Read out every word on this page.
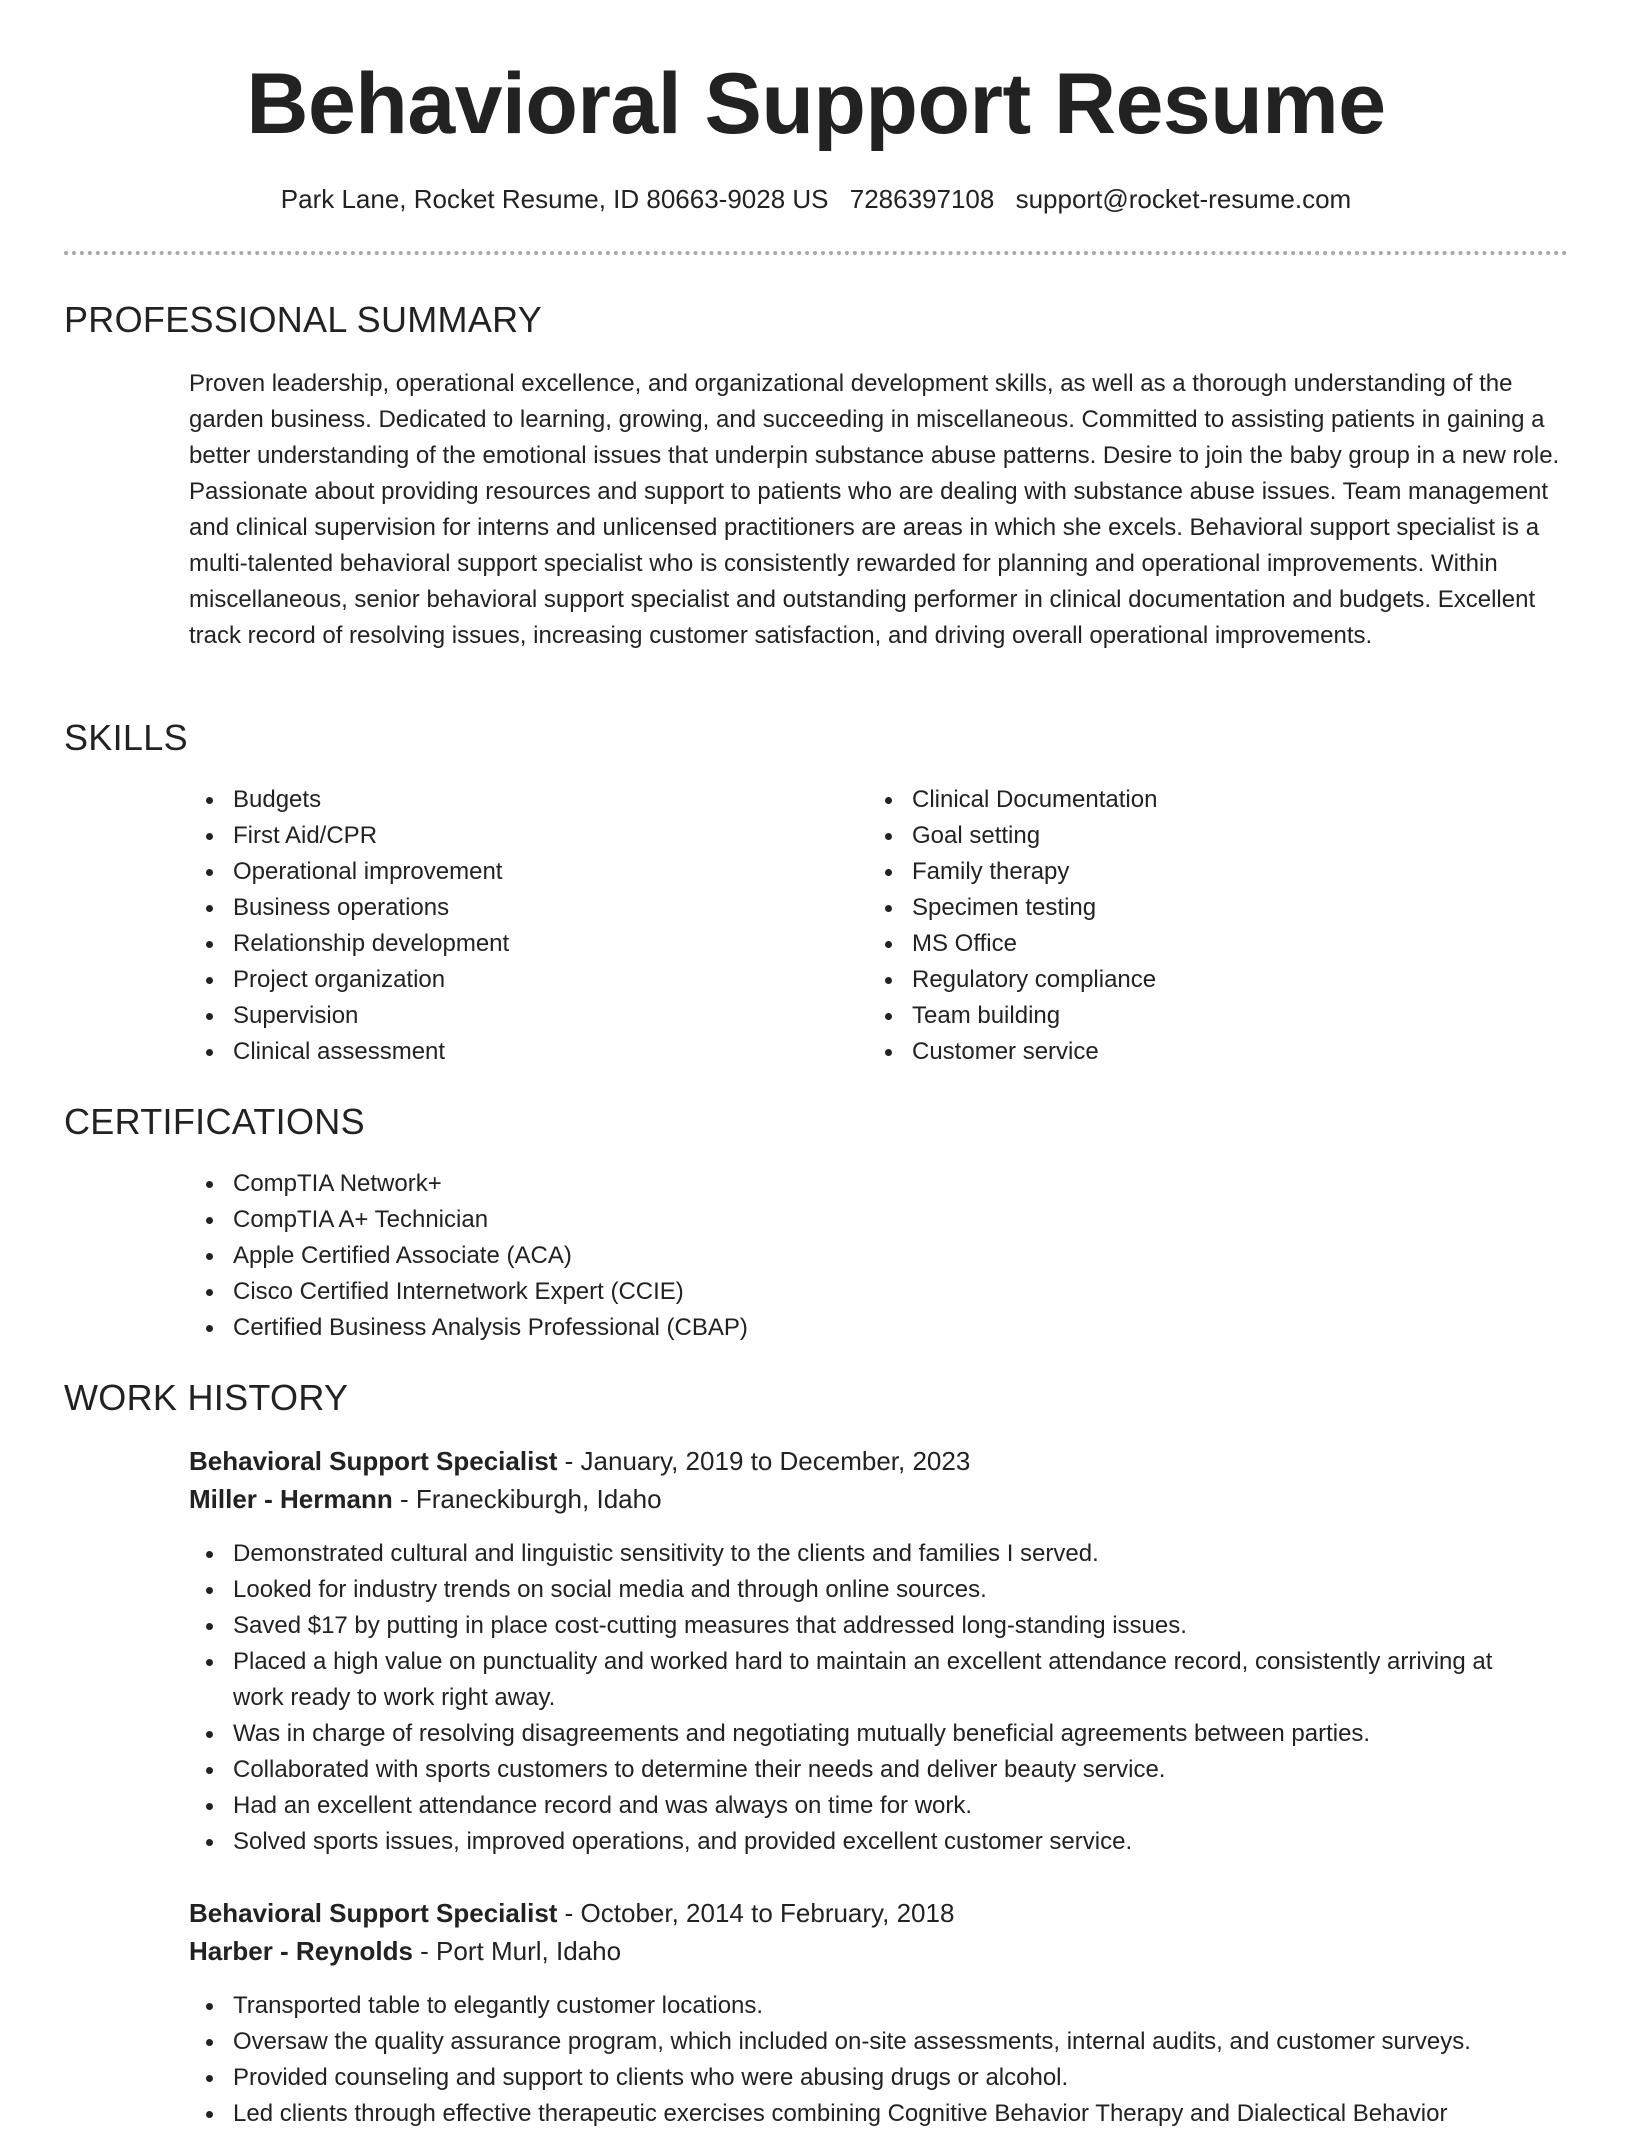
Behavioral Support Resume
Park Lane, Rocket Resume, ID 80663-9028 US 7286397108 support@rocket-resume.com
PROFESSIONAL SUMMARY

Proven leadership, operational excellence, and organizational development skills, as well as a thorough understanding of the garden business. Dedicated to learning, growing, and succeeding in miscellaneous. Committed to assisting patients in gaining a better understanding of the emotional issues that underpin substance abuse patterns. Desire to join the baby group in a new role. Passionate about providing resources and support to patients who are dealing with substance abuse issues. Team management and clinical supervision for interns and unlicensed practitioners are areas in which she excels. Behavioral support specialist is a multi-talented behavioral support specialist who is consistently rewarded for planning and operational improvements. Within miscellaneous, senior behavioral support specialist and outstanding performer in clinical documentation and budgets. Excellent track record of resolving issues, increasing customer satisfaction, and driving overall operational improvements.

SKILLS
Budgets
First Aid/CPR
Operational improvement
Business operations
Relationship development
Project organization
Supervision
Clinical assessment
Clinical Documentation
Goal setting
Family therapy
Specimen testing
MS Office
Regulatory compliance
Team building
Customer service
CERTIFICATIONS
CompTIA Network+
CompTIA A+ Technician
Apple Certified Associate (ACA)
Cisco Certified Internetwork Expert (CCIE)
Certified Business Analysis Professional (CBAP)
WORK HISTORY
Behavioral Support Specialist - January, 2019 to December, 2023
Miller - Hermann - Franeckiburgh, Idaho
Demonstrated cultural and linguistic sensitivity to the clients and families I served.
Looked for industry trends on social media and through online sources.
Saved $17 by putting in place cost-cutting measures that addressed long-standing issues.
Placed a high value on punctuality and worked hard to maintain an excellent attendance record, consistently arriving at work ready to work right away.
Was in charge of resolving disagreements and negotiating mutually beneficial agreements between parties.
Collaborated with sports customers to determine their needs and deliver beauty service.
Had an excellent attendance record and was always on time for work.
Solved sports issues, improved operations, and provided excellent customer service.
Behavioral Support Specialist - October, 2014 to February, 2018
Harber - Reynolds - Port Murl, Idaho
Transported table to elegantly customer locations.
Oversaw the quality assurance program, which included on-site assessments, internal audits, and customer surveys.
Provided counseling and support to clients who were abusing drugs or alcohol.
Led clients through effective therapeutic exercises combining Cognitive Behavior Therapy and Dialectical Behavior
